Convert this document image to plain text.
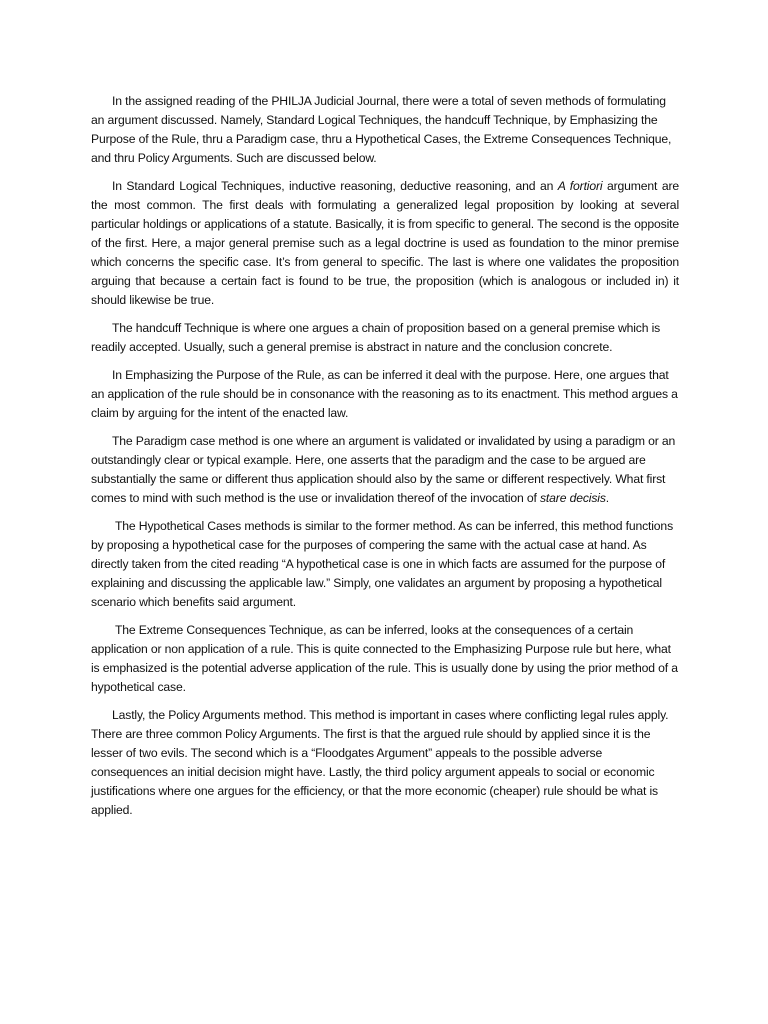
In the assigned reading of the PHILJA Judicial Journal, there were a total of seven methods of formulating an argument discussed. Namely, Standard Logical Techniques, the handcuff Technique, by Emphasizing the Purpose of the Rule, thru a Paradigm case, thru a Hypothetical Cases, the Extreme Consequences Technique, and thru Policy Arguments. Such are discussed below.

In Standard Logical Techniques, inductive reasoning, deductive reasoning, and an A fortiori argument are the most common. The first deals with formulating a generalized legal proposition by looking at several particular holdings or applications of a statute. Basically, it is from specific to general. The second is the opposite of the first. Here, a major general premise such as a legal doctrine is used as foundation to the minor premise which concerns the specific case. It’s from general to specific. The last is where one validates the proposition arguing that because a certain fact is found to be true, the proposition (which is analogous or included in) it should likewise be true.

The handcuff Technique is where one argues a chain of proposition based on a general premise which is readily accepted. Usually, such a general premise is abstract in nature and the conclusion concrete.

In Emphasizing the Purpose of the Rule, as can be inferred it deal with the purpose. Here, one argues that an application of the rule should be in consonance with the reasoning as to its enactment. This method argues a claim by arguing for the intent of the enacted law.

The Paradigm case method is one where an argument is validated or invalidated by using a paradigm or an outstandingly clear or typical example. Here, one asserts that the paradigm and the case to be argued are substantially the same or different thus application should also by the same or different respectively. What first comes to mind with such method is the use or invalidation thereof of the invocation of stare decisis.

The Hypothetical Cases methods is similar to the former method. As can be inferred, this method functions by proposing a hypothetical case for the purposes of compering the same with the actual case at hand. As directly taken from the cited reading “A hypothetical case is one in which facts are assumed for the purpose of explaining and discussing the applicable law.” Simply, one validates an argument by proposing a hypothetical scenario which benefits said argument.

The Extreme Consequences Technique, as can be inferred, looks at the consequences of a certain application or non application of a rule. This is quite connected to the Emphasizing Purpose rule but here, what is emphasized is the potential adverse application of the rule. This is usually done by using the prior method of a hypothetical case.

Lastly, the Policy Arguments method. This method is important in cases where conflicting legal rules apply. There are three common Policy Arguments. The first is that the argued rule should by applied since it is the lesser of two evils. The second which is a “Floodgates Argument” appeals to the possible adverse consequences an initial decision might have. Lastly, the third policy argument appeals to social or economic justifications where one argues for the efficiency, or that the more economic (cheaper) rule should be what is applied.
